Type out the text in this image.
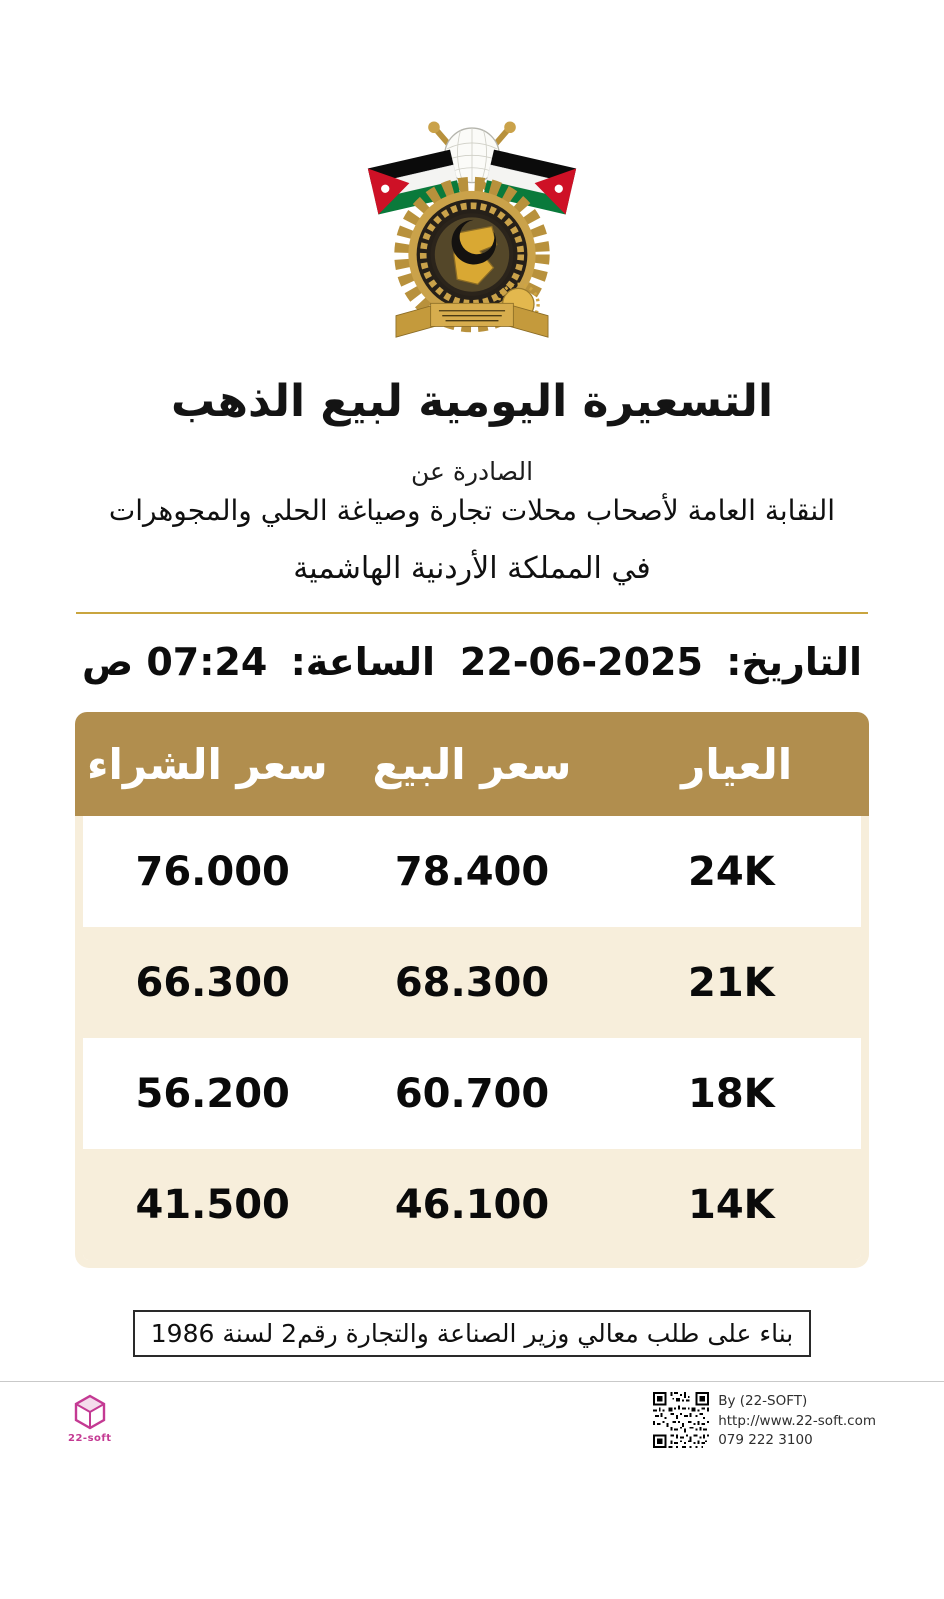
التسعيرة اليومية لبيع الذهب
الصادرة عن
النقابة العامة لأصحاب محلات تجارة وصياغة الحلي والمجوهرات
في المملكة الأردنية الهاشمية
التاريخ: 22-06-2025
الساعة: 07:24 ص
العيار
سعر البيع
سعر الشراء
24K
78.400
76.000
21K
68.300
66.300
18K
60.700
56.200
14K
46.100
41.500
بناء على طلب معالي وزير الصناعة والتجارة رقم2 لسنة 1986
22-soft
By (22-SOFT)
http://www.22-soft.com
079 222 3100
